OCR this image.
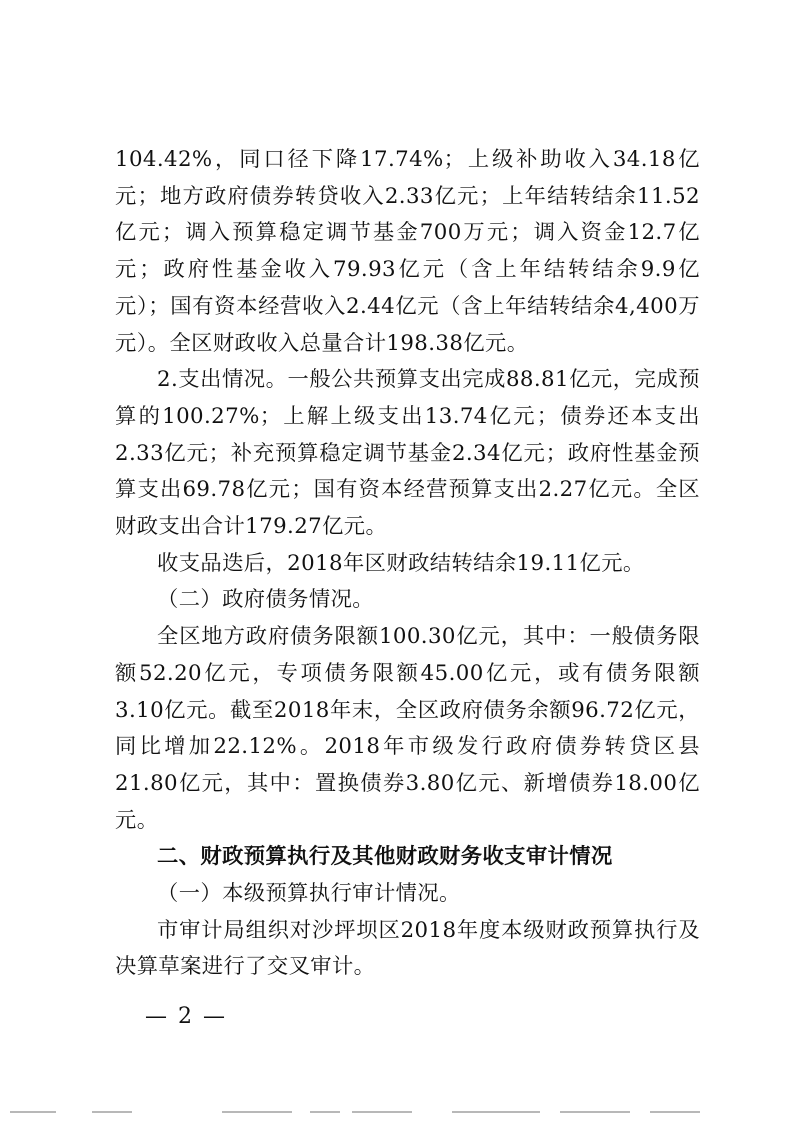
104.42%，同口径下降17.74%；上级补助收入34.18亿元；地方政府债券转贷收入2.33亿元；上年结转结余11.52亿元；调入预算稳定调节基金700万元；调入资金12.7亿元；政府性基金收入79.93亿元（含上年结转结余9.9亿元）；国有资本经营收入2.44亿元（含上年结转结余4,400万元）。全区财政收入总量合计198.38亿元。

2.支出情况。一般公共预算支出完成88.81亿元，完成预算的100.27%；上解上级支出13.74亿元；债券还本支出2.33亿元；补充预算稳定调节基金2.34亿元；政府性基金预算支出69.78亿元；国有资本经营预算支出2.27亿元。全区财政支出合计179.27亿元。

收支品迭后，2018年区财政结转结余19.11亿元。

（二）政府债务情况。

全区地方政府债务限额100.30亿元，其中：一般债务限额52.20亿元，专项债务限额45.00亿元，或有债务限额3.10亿元。截至2018年末，全区政府债务余额96.72亿元，同比增加22.12%。2018年市级发行政府债券转贷区县21.80亿元，其中：置换债券3.80亿元、新增债券18.00亿元。

二、财政预算执行及其他财政财务收支审计情况

（一）本级预算执行审计情况。

市审计局组织对沙坪坝区2018年度本级财政预算执行及决算草案进行了交叉审计。

— 2 —
